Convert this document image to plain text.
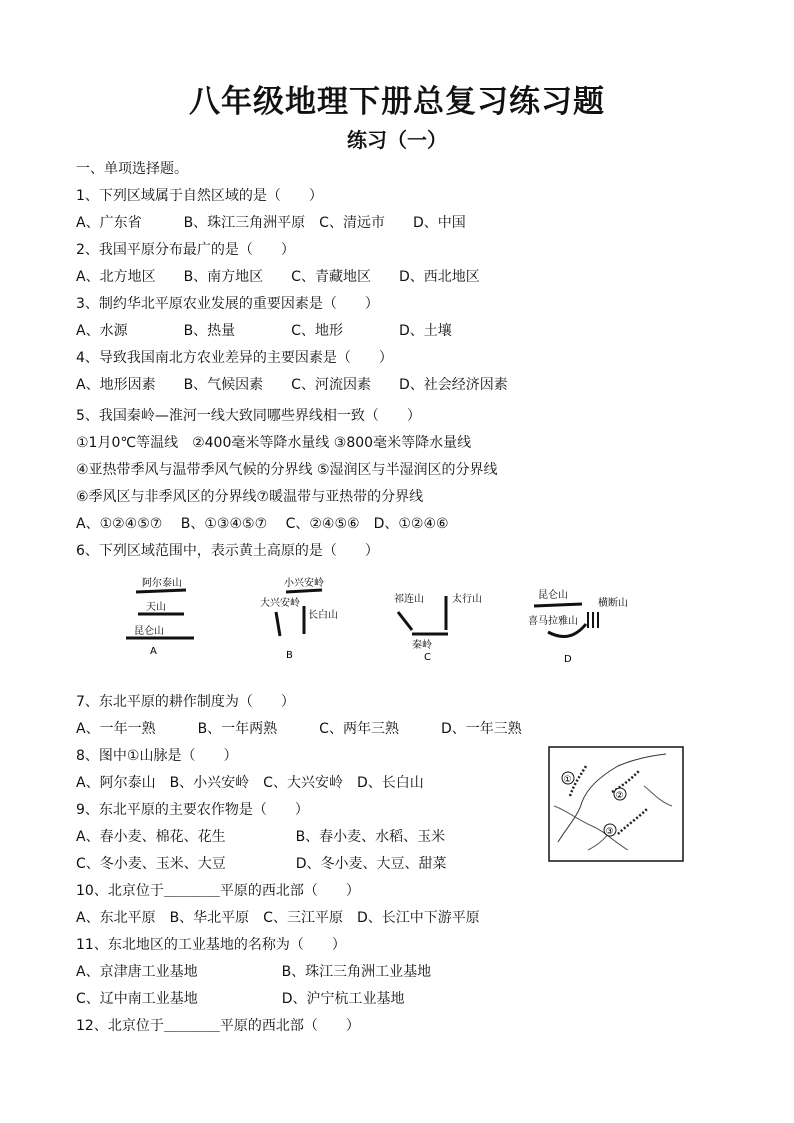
八年级地理下册总复习练习题
练习（一）
一、单项选择题。
1、下列区域属于自然区域的是（　　）
A、广东省　　　B、珠江三角洲平原　C、清远市　　D、中国
2、我国平原分布最广的是（　　）
A、北方地区　　B、南方地区　　C、青藏地区　　D、西北地区
3、制约华北平原农业发展的重要因素是（　　）
A、水源　　　　B、热量　　　　C、地形　　　　D、土壤
4、导致我国南北方农业差异的主要因素是（　　）
A、地形因素　　B、气候因素　　C、河流因素　　D、社会经济因素
5、我国秦岭—淮河一线大致同哪些界线相一致（　　）
①1月0℃等温线　②400毫米等降水量线 ③800毫米等降水量线
④亚热带季风与温带季风气候的分界线 ⑤湿润区与半湿润区的分界线
⑥季风区与非季风区的分界线⑦暖温带与亚热带的分界线
A、①②④⑤⑦　 B、①③④⑤⑦　 C、②④⑤⑥　D、①②④⑥
6、下列区域范围中，表示黄土高原的是（　　）
阿尔泰山
天山
昆仑山
A
小兴安岭
大兴安岭
长白山
B
祁连山	太行山
秦岭
C
昆仑山
横断山
喜马拉雅山
D
7、东北平原的耕作制度为（　　）
A、一年一熟　　　B、一年两熟　　　C、两年三熟　　　D、一年三熟
8、图中①山脉是（　　）
A、阿尔泰山　B、小兴安岭　C、大兴安岭　D、长白山
9、东北平原的主要农作物是（　　）
A、春小麦、棉花、花生　　　　　B、春小麦、水稻、玉米
C、冬小麦、玉米、大豆　　　　　D、冬小麦、大豆、甜菜
10、北京位于＿＿＿＿平原的西北部（　　）
A、东北平原　B、华北平原　C、三江平原　D、长江中下游平原
11、东北地区的工业基地的名称为（　　）
A、京津唐工业基地　　　　　　B、珠江三角洲工业基地
C、辽中南工业基地　　　　　　D、沪宁杭工业基地
12、北京位于＿＿＿＿平原的西北部（　　）
①
②
③
